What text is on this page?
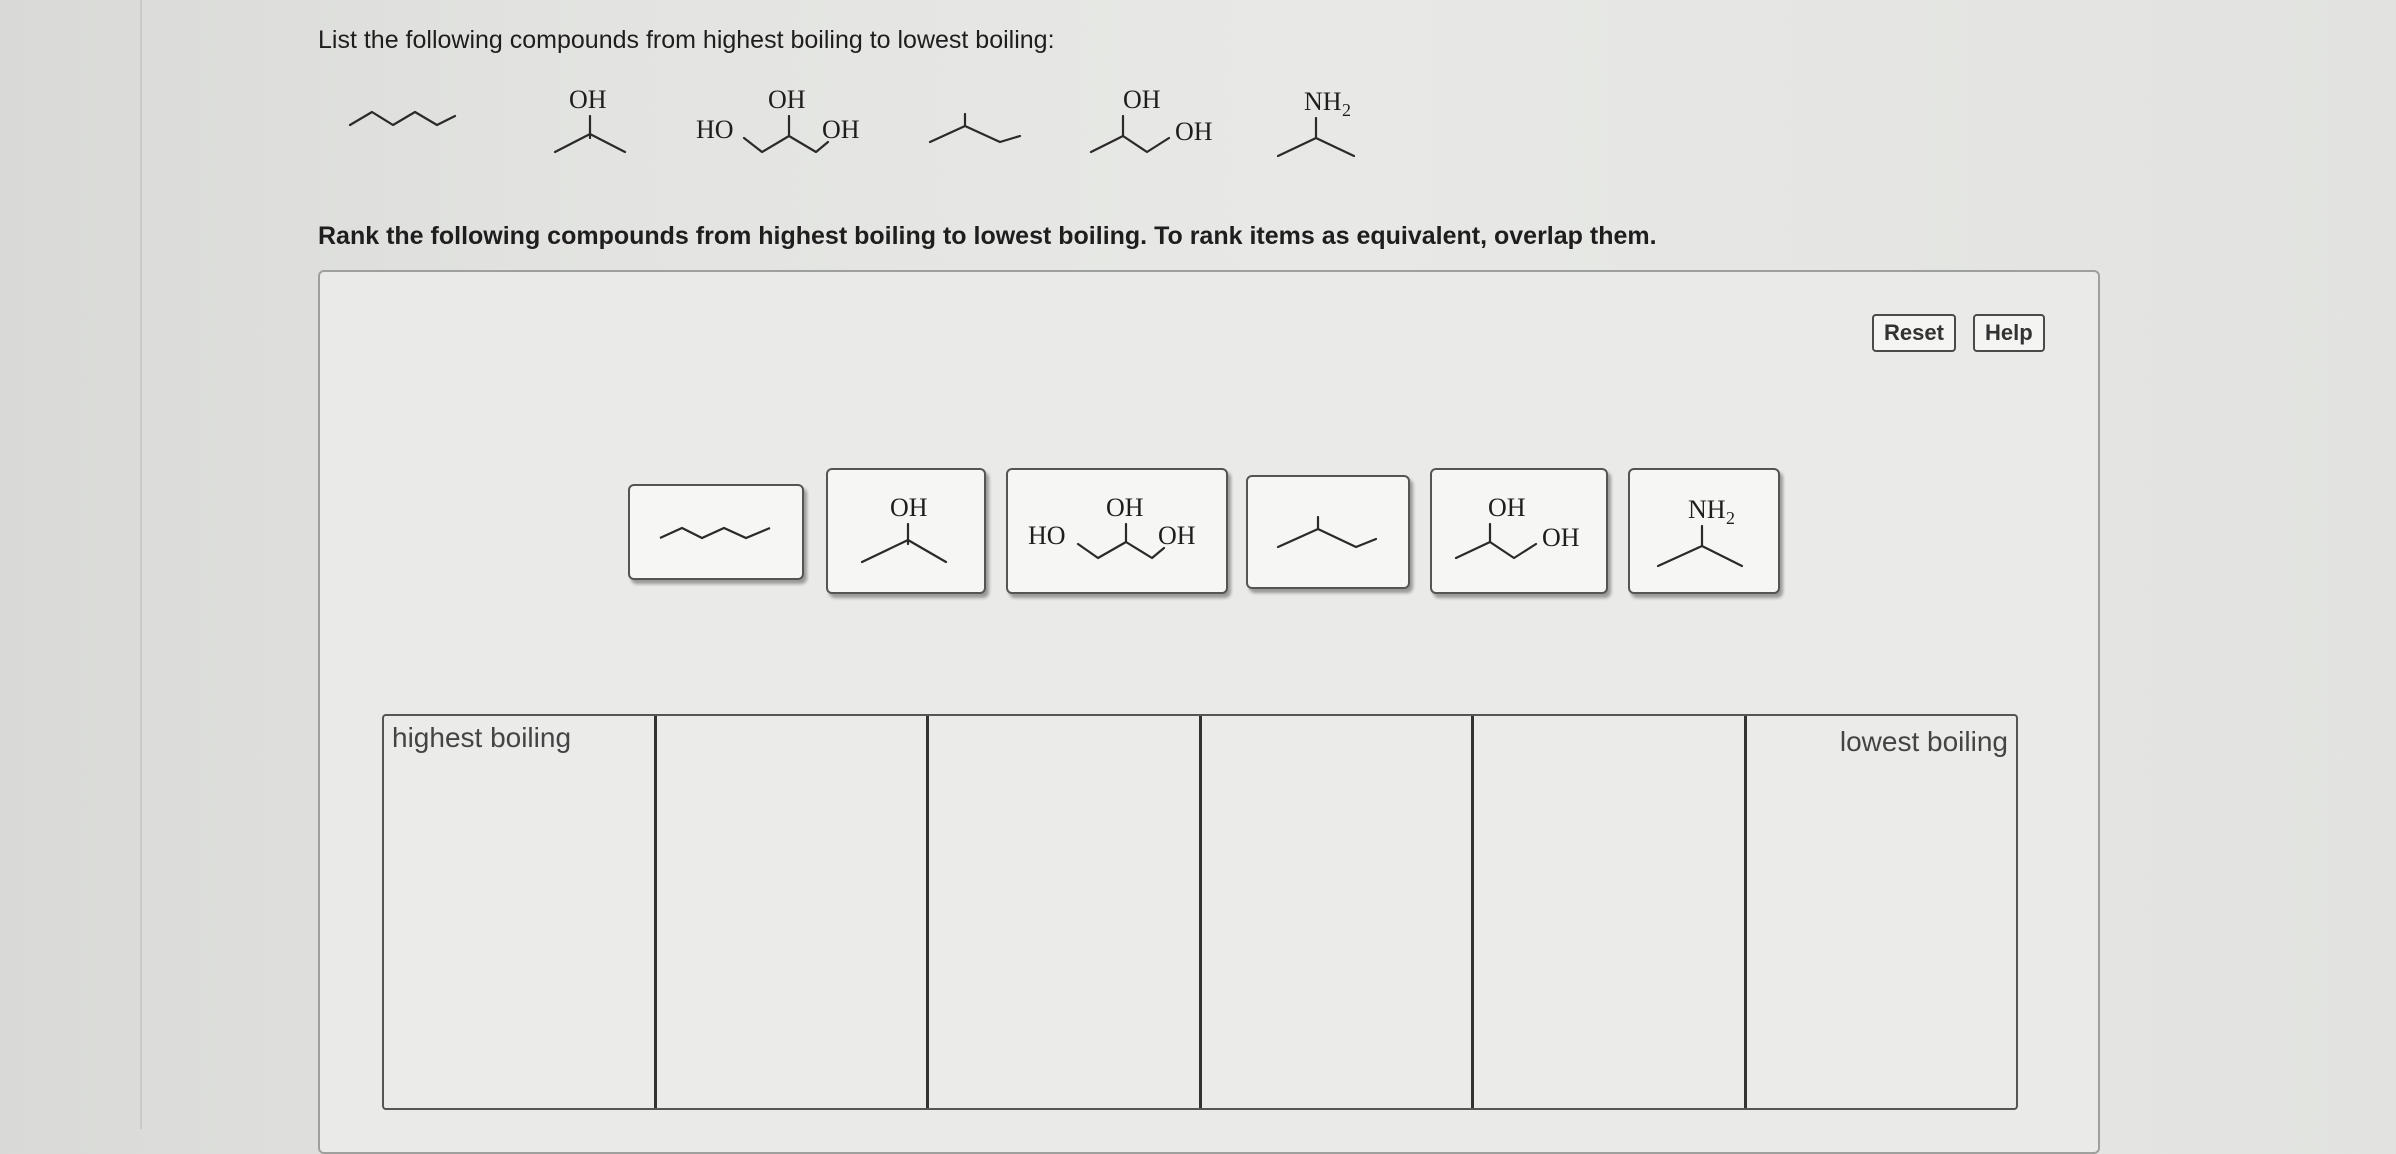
List the following compounds from highest boiling to lowest boiling:
OH
HO
OH
OH
OH
OH
NH 2
Rank the following compounds from highest boiling to lowest boiling. To rank items as equivalent, overlap them.
Reset	Help
OH
HO
OH
OH
OH
OH
NH 2
highest boiling	lowest boiling
